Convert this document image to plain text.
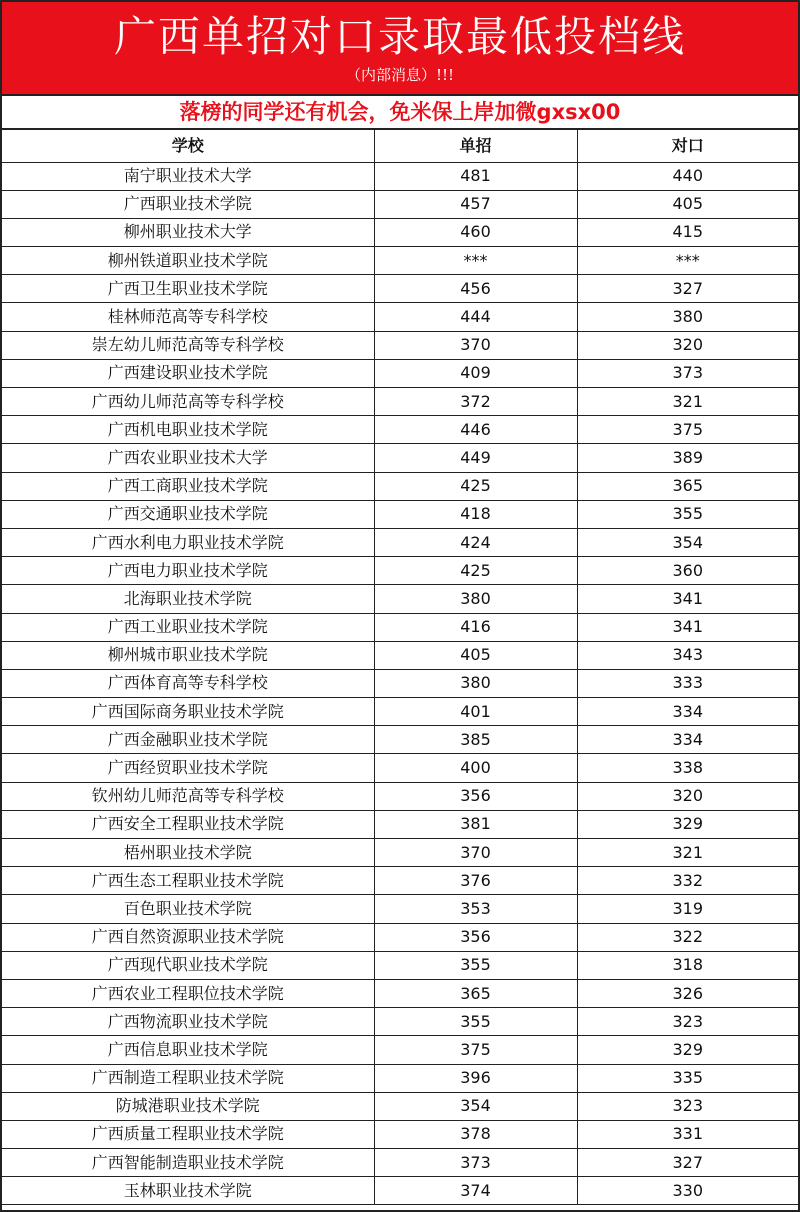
广西单招对口录取最低投档线
（内部消息）!!!
落榜的同学还有机会，免米保上岸加微gxsx00
学校	单招	对口
南宁职业技术大学	481	440
广西职业技术学院	457	405
柳州职业技术大学	460	415
柳州铁道职业技术学院	***	***
广西卫生职业技术学院	456	327
桂林师范高等专科学校	444	380
崇左幼儿师范高等专科学校	370	320
广西建设职业技术学院	409	373
广西幼儿师范高等专科学校	372	321
广西机电职业技术学院	446	375
广西农业职业技术大学	449	389
广西工商职业技术学院	425	365
广西交通职业技术学院	418	355
广西水利电力职业技术学院	424	354
广西电力职业技术学院	425	360
北海职业技术学院	380	341
广西工业职业技术学院	416	341
柳州城市职业技术学院	405	343
广西体育高等专科学校	380	333
广西国际商务职业技术学院	401	334
广西金融职业技术学院	385	334
广西经贸职业技术学院	400	338
钦州幼儿师范高等专科学校	356	320
广西安全工程职业技术学院	381	329
梧州职业技术学院	370	321
广西生态工程职业技术学院	376	332
百色职业技术学院	353	319
广西自然资源职业技术学院	356	322
广西现代职业技术学院	355	318
广西农业工程职位技术学院	365	326
广西物流职业技术学院	355	323
广西信息职业技术学院	375	329
广西制造工程职业技术学院	396	335
防城港职业技术学院	354	323
广西质量工程职业技术学院	378	331
广西智能制造职业技术学院	373	327
玉林职业技术学院	374	330
